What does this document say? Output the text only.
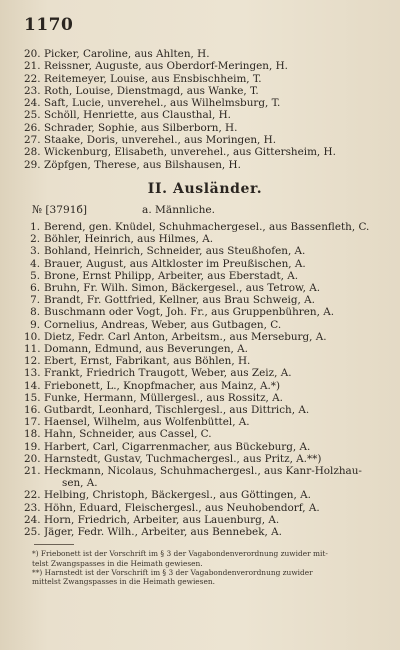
1170
20. Picker, Caroline, aus Ahlten, H.
21. Reissner, Auguste, aus Oberdorf-Meringen, H.
22. Reitemeyer, Louise, aus Ensbischheim, T.
23. Roth, Louise, Dienstmagd, aus Wanke, T.
24. Saft, Lucie, unverehel., aus Wilhelmsburg, T.
25. Schöll, Henriette, aus Clausthal, H.
26. Schrader, Sophie, aus Silberborn, H.
27. Staake, Doris, unverehel., aus Moringen, H.
28. Wickenburg, Elisabeth, unverehel., aus Gittersheim, H.
29. Zöpfgen, Therese, aus Bilshausen, H.
II. Ausländer.
№ [3791б]	a. Männliche.
1. Berend, gen. Knüdel, Schuhmachergesel., aus Bassenfleth, C.
2. Böhler, Heinrich, aus Hilmes, A.
3. Bohland, Heinrich, Schneider, aus Steußhofen, A.
4. Brauer, August, aus Altkloster im Preußischen, A.
5. Brone, Ernst Philipp, Arbeiter, aus Eberstadt, A.
6. Bruhn, Fr. Wilh. Simon, Bäckergesel., aus Tetrow, A.
7. Brandt, Fr. Gottfried, Kellner, aus Brau Schweig, A.
8. Buschmann oder Vogt, Joh. Fr., aus Gruppenbühren, A.
9. Cornelius, Andreas, Weber, aus Gutbagen, C.
10. Dietz, Fedr. Carl Anton, Arbeitsm., aus Merseburg, A.
11. Domann, Edmund, aus Beverungen, A.
12. Ebert, Ernst, Fabrikant, aus Böhlen, H.
13. Frankt, Friedrich Traugott, Weber, aus Zeiz, A.
14. Friebonett, L., Knopfmacher, aus Mainz, A.*)
15. Funke, Hermann, Müllergesl., aus Rossitz, A.
16. Gutbardt, Leonhard, Tischlergesl., aus Dittrich, A.
17. Haensel, Wilhelm, aus Wolfenbüttel, A.
18. Hahn, Schneider, aus Cassel, C.
19. Harbert, Carl, Cigarrenmacher, aus Bückeburg, A.
20. Harnstedt, Gustav, Tuchmachergesl., aus Pritz, A.**)
21. Heckmann, Nicolaus, Schuhmachergesl., aus Kanr-Holzhau-
sen, A.
22. Helbing, Christoph, Bäckergesl., aus Göttingen, A.
23. Höhn, Eduard, Fleischergesl., aus Neuhobendorf, A.
24. Horn, Friedrich, Arbeiter, aus Lauenburg, A.
25. Jäger, Fedr. Wilh., Arbeiter, aus Bennebek, A.
*) Friebonett ist der Vorschrift im § 3 der Vagabondenverordnung zuwider mit-
telst Zwangspasses in die Heimath gewiesen.
**) Harnstedt ist der Vorschrift im § 3 der Vagabondenverordnung zuwider
mittelst Zwangspasses in die Heimath gewiesen.
